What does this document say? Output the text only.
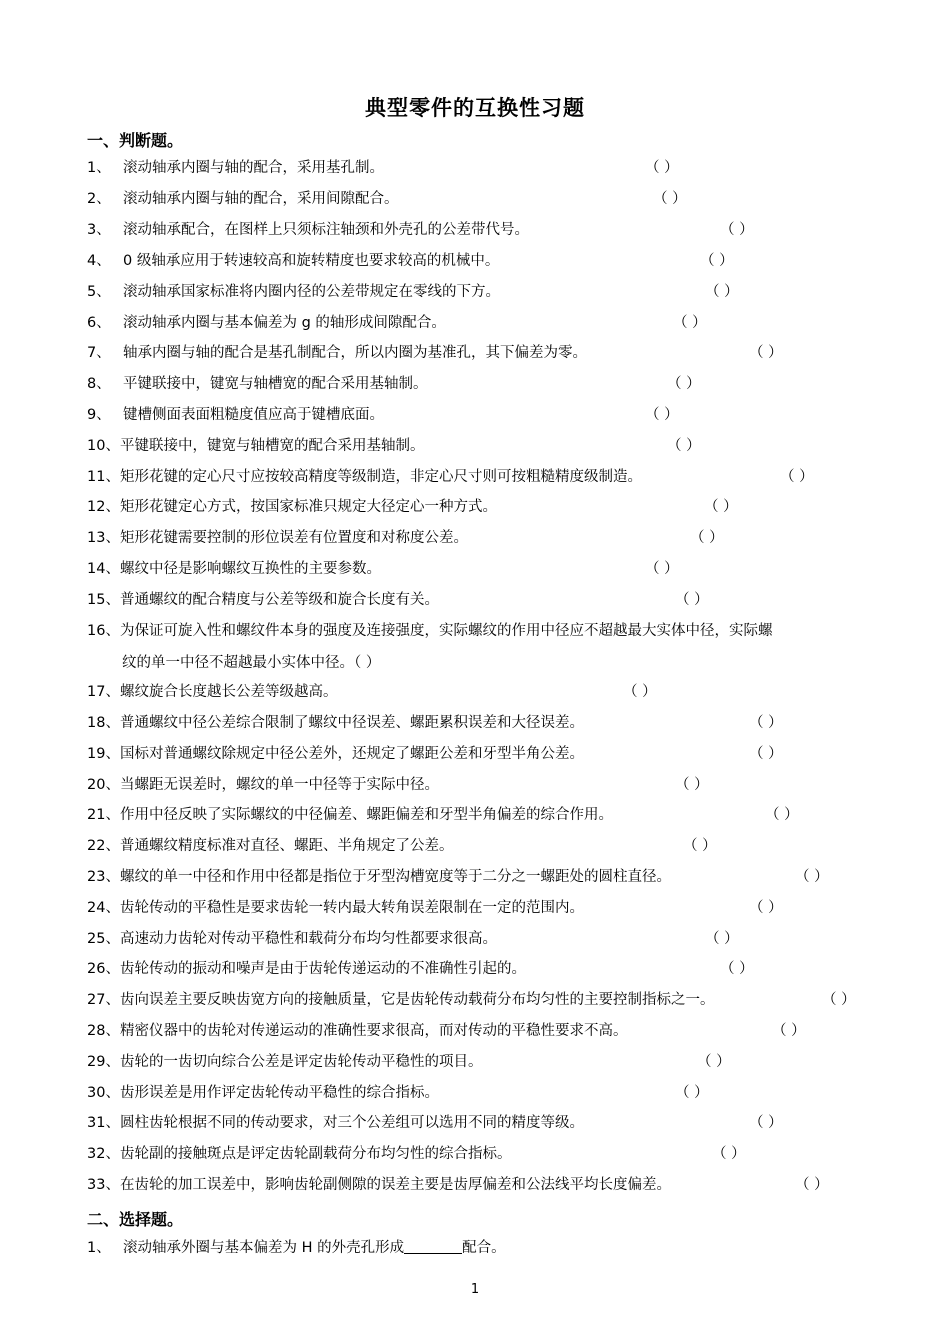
典型零件的互换性习题
一、判断题。
1、 滚动轴承内圈与轴的配合，采用基孔制。	（ ）
2、 滚动轴承内圈与轴的配合，采用间隙配合。	（ ）
3、 滚动轴承配合，在图样上只须标注轴颈和外壳孔的公差带代号。	（ ）
4、 0 级轴承应用于转速较高和旋转精度也要求较高的机械中。	（ ）
5、 滚动轴承国家标准将内圈内径的公差带规定在零线的下方。	（ ）
6、 滚动轴承内圈与基本偏差为 g 的轴形成间隙配合。	（ ）
7、 轴承内圈与轴的配合是基孔制配合，所以内圈为基准孔，其下偏差为零。	（ ）
8、 平键联接中，键宽与轴槽宽的配合采用基轴制。	（ ）
9、 键槽侧面表面粗糙度值应高于键槽底面。	（ ）
10、平键联接中，键宽与轴槽宽的配合采用基轴制。	（ ）
11、矩形花键的定心尺寸应按较高精度等级制造，非定心尺寸则可按粗糙精度级制造。	（ ）
12、矩形花键定心方式，按国家标准只规定大径定心一种方式。	（ ）
13、矩形花键需要控制的形位误差有位置度和对称度公差。	（ ）
14、螺纹中径是影响螺纹互换性的主要参数。	（ ）
15、普通螺纹的配合精度与公差等级和旋合长度有关。	（ ）
16、为保证可旋入性和螺纹件本身的强度及连接强度，实际螺纹的作用中径应不超越最大实体中径，实际螺
纹的单一中径不超越最小实体中径。（ ）
17、螺纹旋合长度越长公差等级越高。	（ ）
18、普通螺纹中径公差综合限制了螺纹中径误差、螺距累积误差和大径误差。	（ ）
19、国标对普通螺纹除规定中径公差外，还规定了螺距公差和牙型半角公差。	（ ）
20、当螺距无误差时，螺纹的单一中径等于实际中径。	（ ）
21、作用中径反映了实际螺纹的中径偏差、螺距偏差和牙型半角偏差的综合作用。	（ ）
22、普通螺纹精度标准对直径、螺距、半角规定了公差。	（ ）
23、螺纹的单一中径和作用中径都是指位于牙型沟槽宽度等于二分之一螺距处的圆柱直径。	（ ）
24、齿轮传动的平稳性是要求齿轮一转内最大转角误差限制在一定的范围内。	（ ）
25、高速动力齿轮对传动平稳性和载荷分布均匀性都要求很高。	（ ）
26、齿轮传动的振动和噪声是由于齿轮传递运动的不准确性引起的。	（ ）
27、齿向误差主要反映齿宽方向的接触质量，它是齿轮传动载荷分布均匀性的主要控制指标之一。	（ ）
28、精密仪器中的齿轮对传递运动的准确性要求很高，而对传动的平稳性要求不高。	（ ）
29、齿轮的一齿切向综合公差是评定齿轮传动平稳性的项目。	（ ）
30、齿形误差是用作评定齿轮传动平稳性的综合指标。	（ ）
31、圆柱齿轮根据不同的传动要求，对三个公差组可以选用不同的精度等级。	（ ）
32、齿轮副的接触斑点是评定齿轮副载荷分布均匀性的综合指标。	（ ）
33、在齿轮的加工误差中，影响齿轮副侧隙的误差主要是齿厚偏差和公法线平均长度偏差。	（ ）
二、选择题。
1、 滚动轴承外圈与基本偏差为 H 的外壳孔形成	配合。
1
